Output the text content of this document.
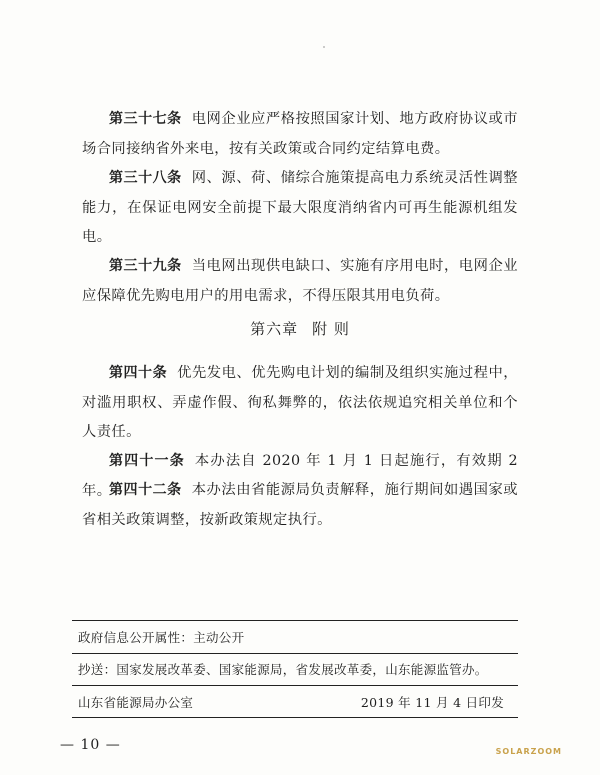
第三十七条 电网企业应严格按照国家计划、地方政府协议或市场合同接纳省外来电，按有关政策或合同约定结算电费。
第三十八条 网、源、荷、储综合施策提高电力系统灵活性调整能力，在保证电网安全前提下最大限度消纳省内可再生能源机组发电。
第三十九条 当电网出现供电缺口、实施有序用电时，电网企业应保障优先购电用户的用电需求，不得压限其用电负荷。
第六章 附 则
第四十条 优先发电、优先购电计划的编制及组织实施过程中，对滥用职权、弄虚作假、徇私舞弊的，依法依规追究相关单位和个人责任。
第四十一条 本办法自 2020 年 1 月 1 日起施行，有效期 2 年。
第四十二条 本办法由省能源局负责解释，施行期间如遇国家或省相关政策调整，按新政策规定执行。
政府信息公开属性：主动公开
抄送：国家发展改革委、国家能源局，省发展改革委，山东能源监管办。
山东省能源局办公室	2019 年 11 月 4 日印发
— 10 —	SOLARZOOM
